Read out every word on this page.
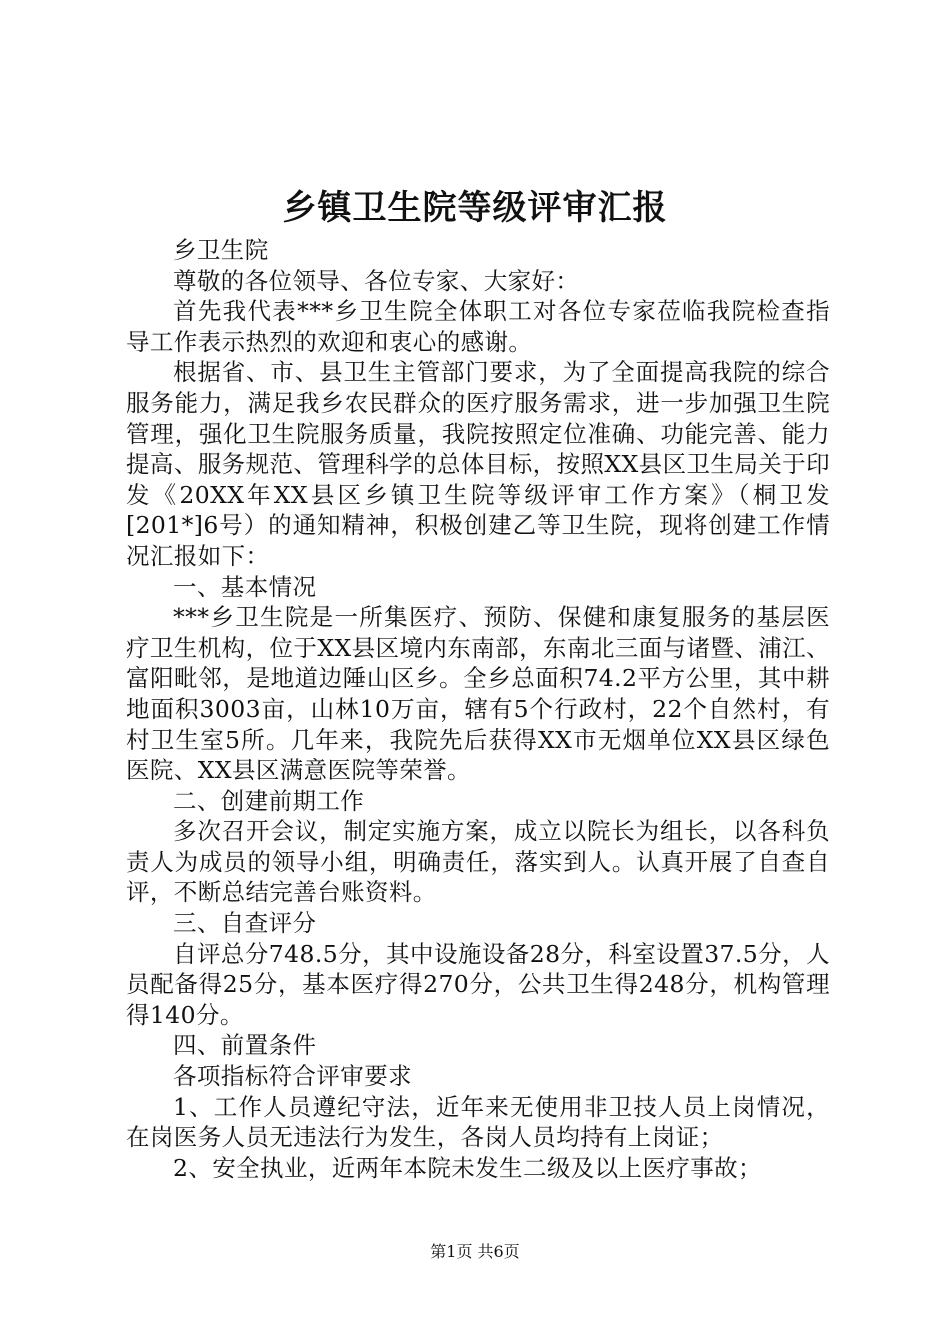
乡镇卫生院等级评审汇报

乡卫生院

尊敬的各位领导、各位专家、大家好：

首先我代表***乡卫生院全体职工对各位专家莅临我院检查指导工作表示热烈的欢迎和衷心的感谢。

根据省、市、县卫生主管部门要求，为了全面提高我院的综合服务能力，满足我乡农民群众的医疗服务需求，进一步加强卫生院管理，强化卫生院服务质量，我院按照定位准确、功能完善、能力提高、服务规范、管理科学的总体目标，按照XX县区卫生局关于印发《20XX年XX县区乡镇卫生院等级评审工作方案》（桐卫发[201*]6号）的通知精神，积极创建乙等卫生院，现将创建工作情况汇报如下：

一、基本情况

***乡卫生院是一所集医疗、预防、保健和康复服务的基层医疗卫生机构，位于XX县区境内东南部，东南北三面与诸暨、浦江、富阳毗邻，是地道边陲山区乡。全乡总面积74.2平方公里，其中耕地面积3003亩，山林10万亩，辖有5个行政村，22个自然村，有村卫生室5所。几年来，我院先后获得XX市无烟单位XX县区绿色医院、XX县区满意医院等荣誉。

二、创建前期工作

多次召开会议，制定实施方案，成立以院长为组长，以各科负责人为成员的领导小组，明确责任，落实到人。认真开展了自查自评，不断总结完善台账资料。

三、自查评分

自评总分748.5分，其中设施设备28分，科室设置37.5分，人员配备得25分，基本医疗得270分，公共卫生得248分，机构管理得140分。

四、前置条件

各项指标符合评审要求

1、工作人员遵纪守法，近年来无使用非卫技人员上岗情况，在岗医务人员无违法行为发生，各岗人员均持有上岗证；

2、安全执业，近两年本院未发生二级及以上医疗事故；

第1页 共6页
